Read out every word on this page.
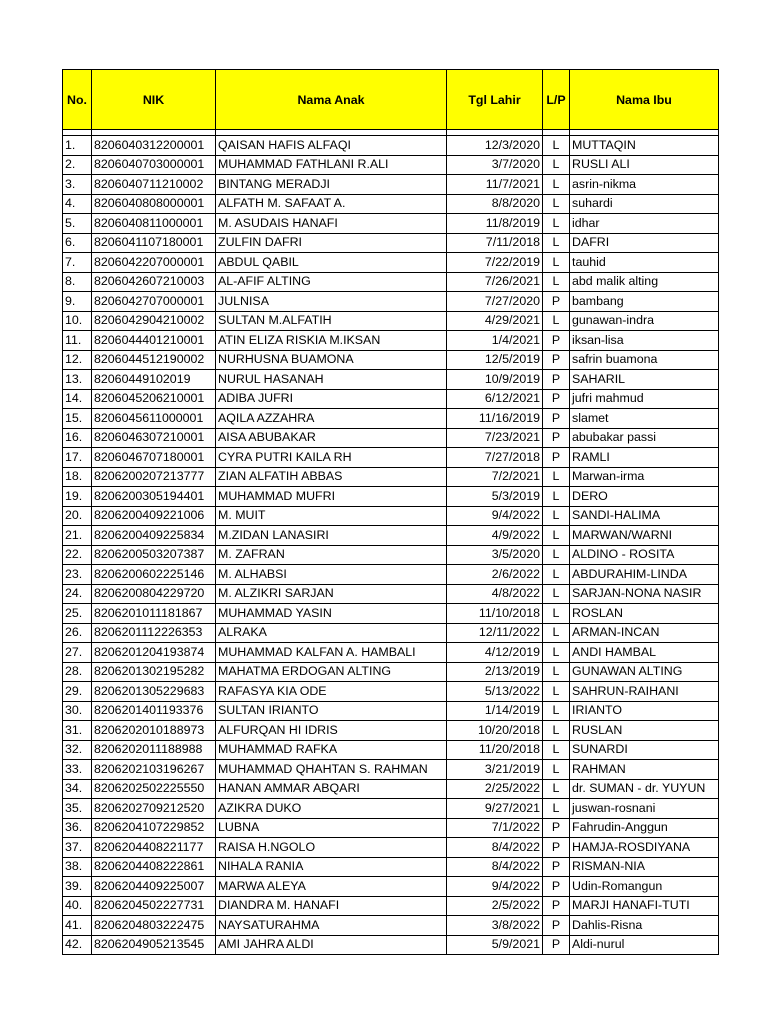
No.	NIK	Nama Anak	Tgl Lahir	L/P	Nama Ibu

1.	8206040312200001	QAISAN HAFIS ALFAQI	12/3/2020	L	MUTTAQIN
2.	8206040703000001	MUHAMMAD FATHLANI R.ALI	3/7/2020	L	RUSLI ALI
3.	8206040711210002	BINTANG MERADJI	11/7/2021	L	asrin-nikma
4.	8206040808000001	ALFATH M. SAFAAT A.	8/8/2020	L	suhardi
5.	8206040811000001	M. ASUDAIS HANAFI	11/8/2019	L	idhar
6.	8206041107180001	ZULFIN DAFRI	7/11/2018	L	DAFRI
7.	8206042207000001	ABDUL QABIL	7/22/2019	L	tauhid
8.	8206042607210003	AL-AFIF ALTING	7/26/2021	L	abd malik alting
9.	8206042707000001	JULNISA	7/27/2020	P	bambang
10.	8206042904210002	SULTAN M.ALFATIH	4/29/2021	L	gunawan-indra
11.	8206044401210001	ATIN ELIZA RISKIA M.IKSAN	1/4/2021	P	iksan-lisa
12.	8206044512190002	NURHUSNA BUAMONA	12/5/2019	P	safrin buamona
13.	82060449102019	NURUL HASANAH	10/9/2019	P	SAHARIL
14.	8206045206210001	ADIBA JUFRI	6/12/2021	P	jufri mahmud
15.	8206045611000001	AQILA AZZAHRA	11/16/2019	P	slamet
16.	8206046307210001	AISA ABUBAKAR	7/23/2021	P	abubakar passi
17.	8206046707180001	CYRA PUTRI KAILA RH	7/27/2018	P	RAMLI
18.	8206200207213777	ZIAN ALFATIH ABBAS	7/2/2021	L	Marwan-irma
19.	8206200305194401	MUHAMMAD MUFRI	5/3/2019	L	DERO
20.	8206200409221006	M. MUIT	9/4/2022	L	SANDI-HALIMA
21.	8206200409225834	M.ZIDAN LANASIRI	4/9/2022	L	MARWAN/WARNI
22.	8206200503207387	M. ZAFRAN	3/5/2020	L	ALDINO - ROSITA
23.	8206200602225146	M. ALHABSI	2/6/2022	L	ABDURAHIM-LINDA
24.	8206200804229720	M. ALZIKRI SARJAN	4/8/2022	L	SARJAN-NONA NASIR
25.	8206201011181867	MUHAMMAD YASIN	11/10/2018	L	ROSLAN
26.	8206201112226353	ALRAKA	12/11/2022	L	ARMAN-INCAN
27.	8206201204193874	MUHAMMAD KALFAN A. HAMBALI	4/12/2019	L	ANDI HAMBAL
28.	8206201302195282	MAHATMA ERDOGAN ALTING	2/13/2019	L	GUNAWAN ALTING
29.	8206201305229683	RAFASYA KIA ODE	5/13/2022	L	SAHRUN-RAIHANI
30.	8206201401193376	SULTAN IRIANTO	1/14/2019	L	IRIANTO
31.	8206202010188973	ALFURQAN HI IDRIS	10/20/2018	L	RUSLAN
32.	8206202011188988	MUHAMMAD RAFKA	11/20/2018	L	SUNARDI
33.	8206202103196267	MUHAMMAD QHAHTAN S. RAHMAN	3/21/2019	L	RAHMAN
34.	8206202502225550	HANAN AMMAR ABQARI	2/25/2022	L	dr. SUMAN - dr. YUYUN
35.	8206202709212520	AZIKRA DUKO	9/27/2021	L	juswan-rosnani
36.	8206204107229852	LUBNA	7/1/2022	P	Fahrudin-Anggun
37.	8206204408221177	RAISA H.NGOLO	8/4/2022	P	HAMJA-ROSDIYANA
38.	8206204408222861	NIHALA RANIA	8/4/2022	P	RISMAN-NIA
39.	8206204409225007	MARWA ALEYA	9/4/2022	P	Udin-Romangun
40.	8206204502227731	DIANDRA M. HANAFI	2/5/2022	P	MARJI HANAFI-TUTI
41.	8206204803222475	NAYSATURAHMA	3/8/2022	P	Dahlis-Risna
42.	8206204905213545	AMI JAHRA ALDI	5/9/2021	P	Aldi-nurul
